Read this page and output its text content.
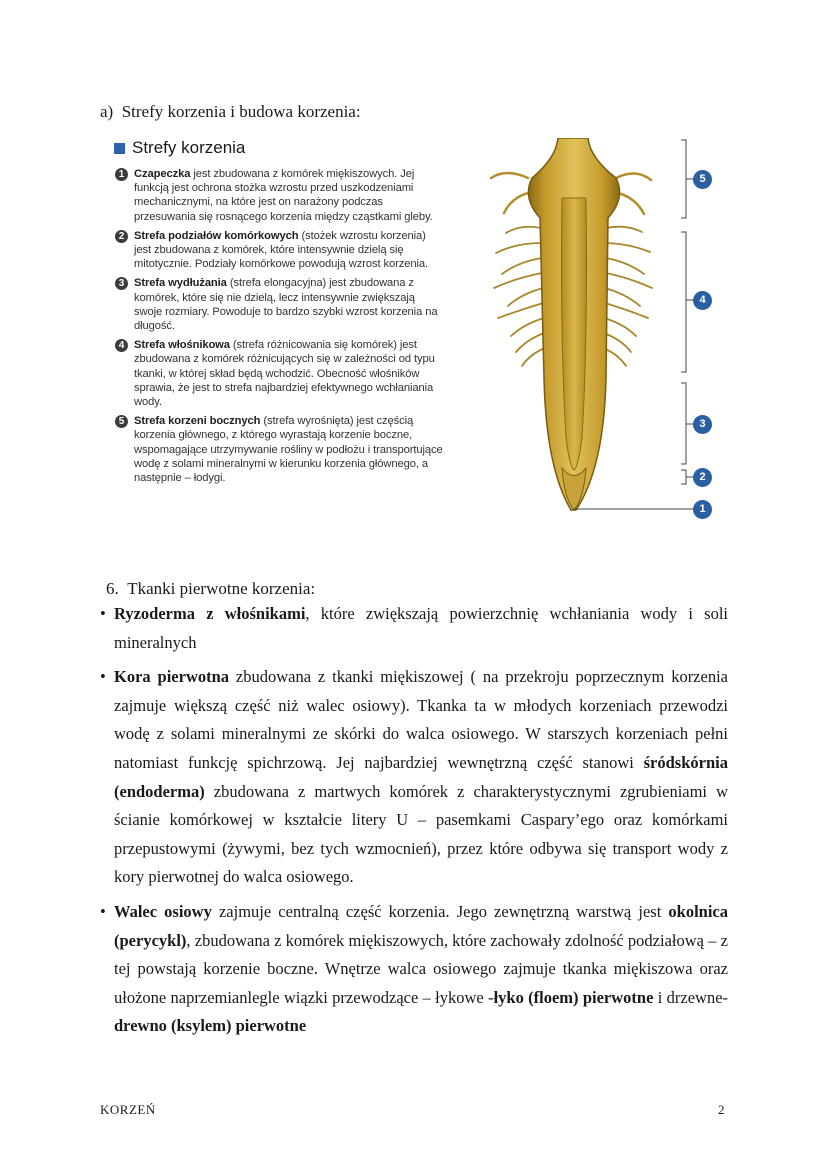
a)  Strefy korzenia i budowa korzenia:
Strefy korzenia
1 Czapeczka jest zbudowana z komórek miękiszowych. Jej funkcją jest ochrona stożka wzrostu przed uszkodzeniami mechanicznymi, na które jest on narażony podczas przesuwania się rosnącego korzenia między cząstkami gleby.
2 Strefa podziałów komórkowych (stożek wzrostu korzenia) jest zbudowana z komórek, które intensywnie dzielą się mitotycznie. Podziały komórkowe powodują wzrost korzenia.
3 Strefa wydłużania (strefa elongacyjna) jest zbudowana z komórek, które się nie dzielą, lecz intensywnie zwiększają swoje rozmiary. Powoduje to bardzo szybki wzrost korzenia na długość.
4 Strefa włośnikowa (strefa różnicowania się komórek) jest zbudowana z komórek różnicujących się w zależności od typu tkanki, w której skład będą wchodzić. Obecność włośników sprawia, że jest to strefa najbardziej efektywnego wchłaniania wody.
5 Strefa korzeni bocznych (strefa wyrośnięta) jest częścią korzenia głównego, z którego wyrastają korzenie boczne, wspomagające utrzymywanie rośliny w podłożu i transportujące wodę z solami mineralnymi w kierunku korzenia głównego, a następnie – łodygi.
5
4
3
2
1
6.  Tkanki pierwotne korzenia:

• Ryzoderma z włośnikami, które zwiększają powierzchnię wchłaniania wody i soli mineralnych

• Kora pierwotna zbudowana z tkanki miękiszowej ( na przekroju poprzecznym korzenia zajmuje większą część niż walec osiowy). Tkanka ta w młodych korzeniach przewodzi wodę z solami mineralnymi ze skórki do walca osiowego. W starszych korzeniach pełni natomiast funkcję spichrzową. Jej najbardziej wewnętrzną część stanowi śródskórnia (endoderma) zbudowana z martwych komórek z charakterystycznymi zgrubieniami w ścianie komórkowej w kształcie litery U – pasemkami Caspary’ego oraz komórkami przepustowymi (żywymi, bez tych wzmocnień), przez które odbywa się transport wody z kory pierwotnej do walca osiowego.

• Walec osiowy zajmuje centralną część korzenia. Jego zewnętrzną warstwą jest okolnica (perycykl), zbudowana z komórek miękiszowych, które zachowały zdolność podziałową – z tej powstają korzenie boczne. Wnętrze walca osiowego zajmuje tkanka miękiszowa oraz ułożone naprzemianlegle wiązki przewodzące – łykowe -łyko (floem) pierwotne i drzewne- drewno (ksylem) pierwotne

KORZEŃ	2
